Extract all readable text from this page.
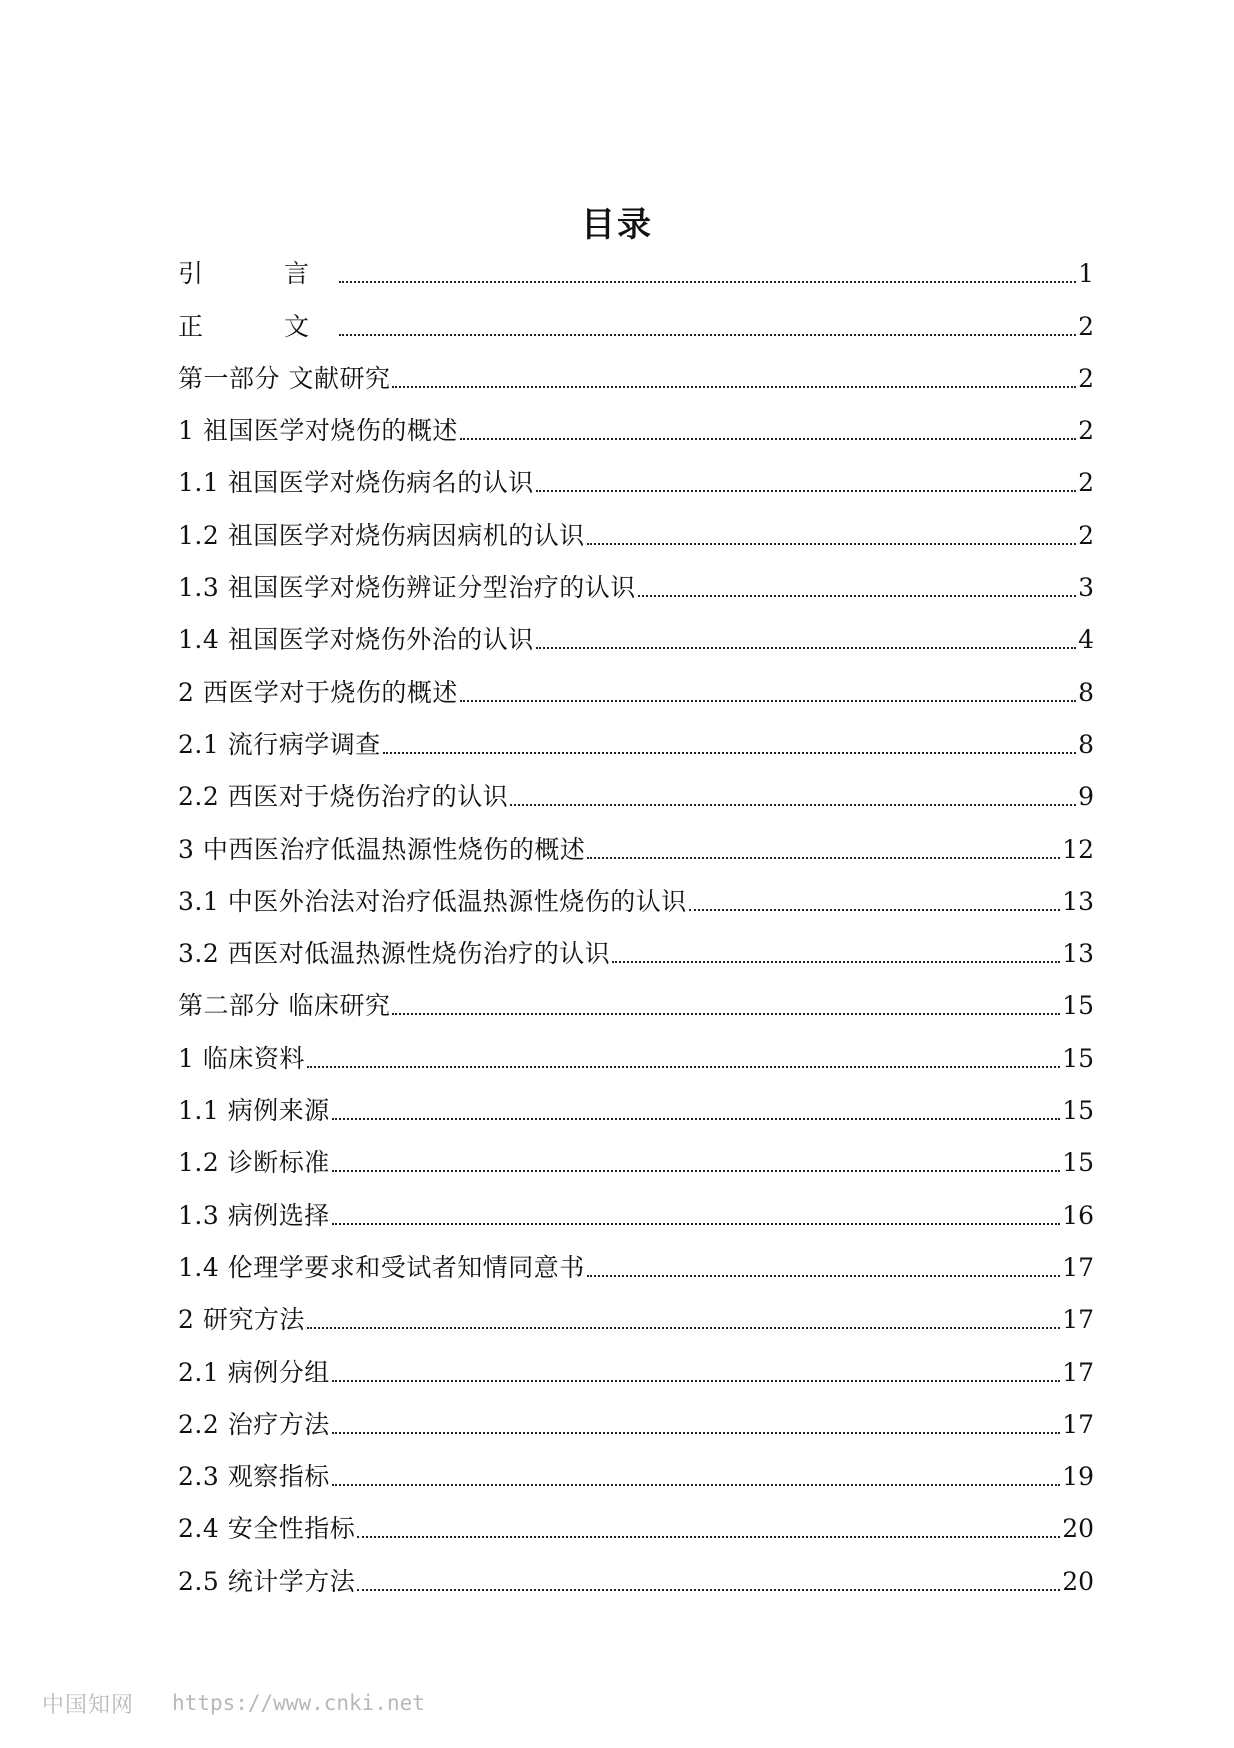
目录
引　言	1
正　文	2
第一部分 文献研究	2
1 祖国医学对烧伤的概述	2
1.1 祖国医学对烧伤病名的认识	2
1.2 祖国医学对烧伤病因病机的认识	2
1.3 祖国医学对烧伤辨证分型治疗的认识	3
1.4 祖国医学对烧伤外治的认识	4
2 西医学对于烧伤的概述	8
2.1 流行病学调查	8
2.2 西医对于烧伤治疗的认识	9
3 中西医治疗低温热源性烧伤的概述	12
3.1 中医外治法对治疗低温热源性烧伤的认识	13
3.2 西医对低温热源性烧伤治疗的认识	13
第二部分 临床研究	15
1 临床资料	15
1.1 病例来源	15
1.2 诊断标准	15
1.3 病例选择	16
1.4 伦理学要求和受试者知情同意书	17
2 研究方法	17
2.1 病例分组	17
2.2 治疗方法	17
2.3 观察指标	19
2.4 安全性指标	20
2.5 统计学方法	20
中国知网 https://www.cnki.net
